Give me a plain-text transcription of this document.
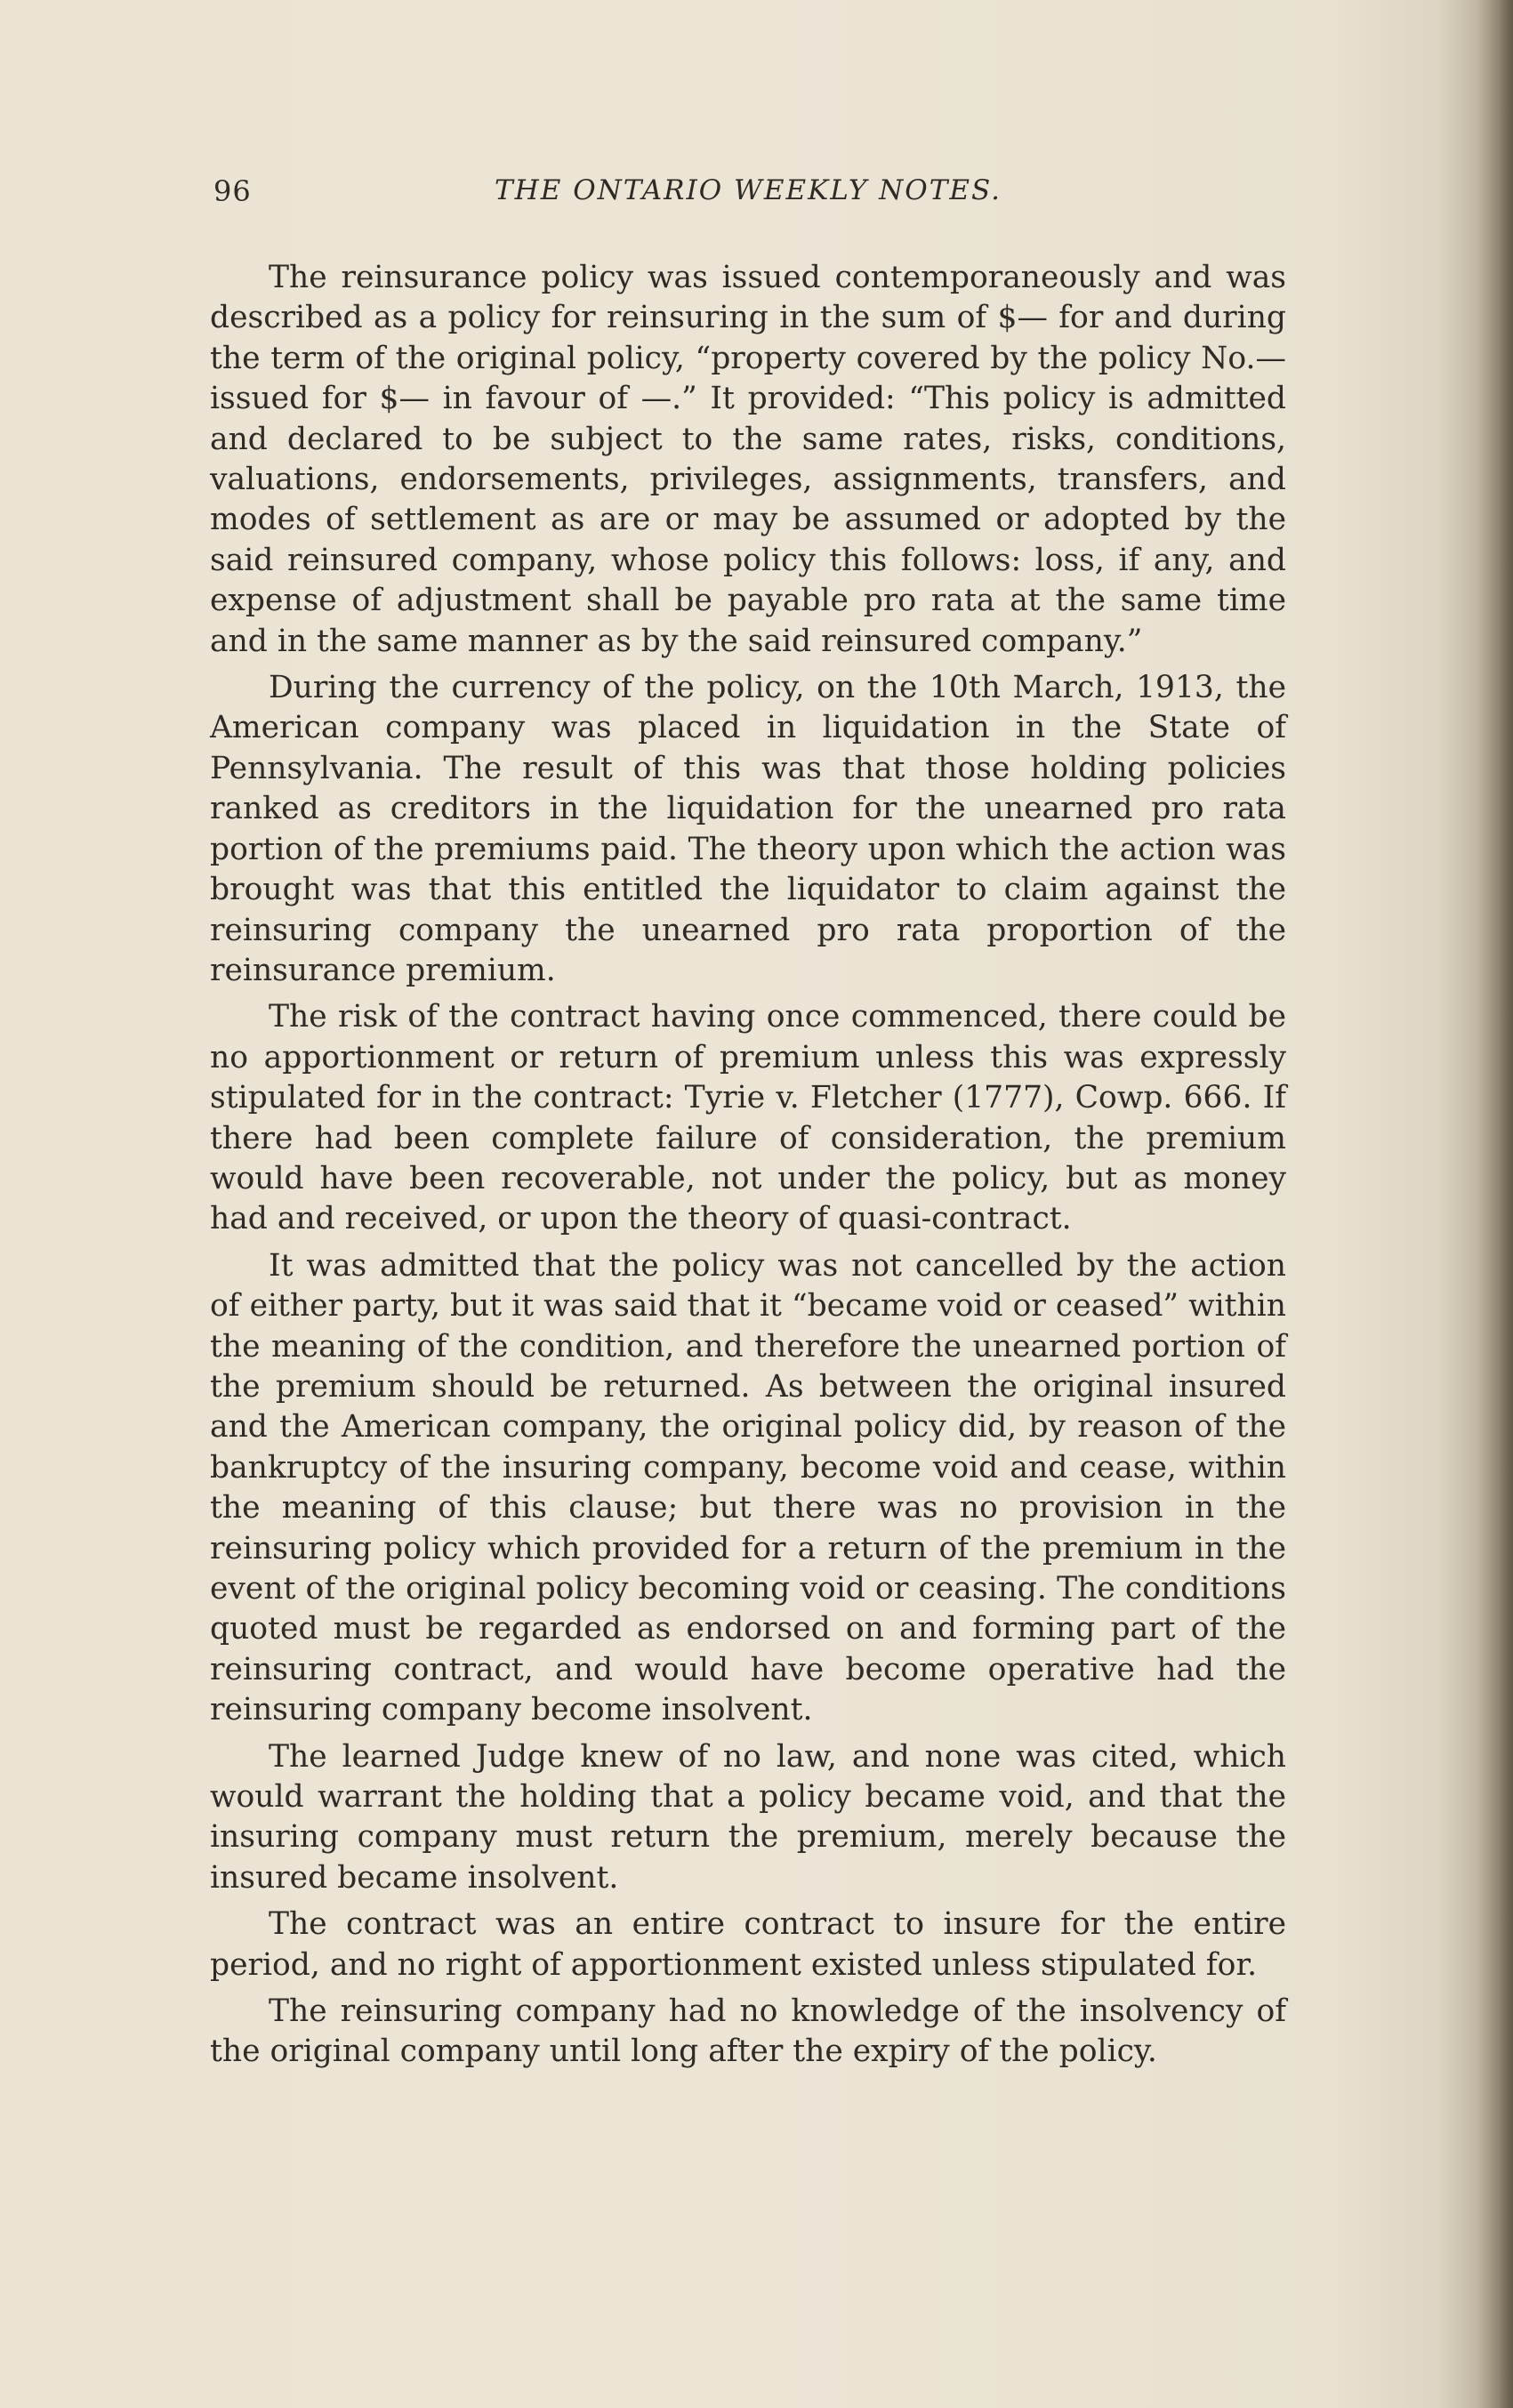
96	THE ONTARIO WEEKLY NOTES.

The reinsurance policy was issued contemporaneously and was described as a policy for reinsuring in the sum of $— for and during the term of the original policy, “property covered by the policy No.— issued for $— in favour of —.” It provided: “This policy is admitted and declared to be subject to the same rates, risks, conditions, valuations, endorsements, privileges, assignments, transfers, and modes of settlement as are or may be assumed or adopted by the said reinsured company, whose policy this follows: loss, if any, and expense of adjustment shall be payable pro rata at the same time and in the same manner as by the said reinsured company.”

During the currency of the policy, on the 10th March, 1913, the American company was placed in liquidation in the State of Pennsylvania. The result of this was that those holding policies ranked as creditors in the liquidation for the unearned pro rata portion of the premiums paid. The theory upon which the action was brought was that this entitled the liquidator to claim against the reinsuring company the unearned pro rata proportion of the reinsurance premium.

The risk of the contract having once commenced, there could be no apportionment or return of premium unless this was expressly stipulated for in the contract: Tyrie v. Fletcher (1777), Cowp. 666. If there had been complete failure of consideration, the premium would have been recoverable, not under the policy, but as money had and received, or upon the theory of quasi-contract.

It was admitted that the policy was not cancelled by the action of either party, but it was said that it “became void or ceased” within the meaning of the condition, and therefore the unearned portion of the premium should be returned. As between the original insured and the American company, the original policy did, by reason of the bankruptcy of the insuring company, become void and cease, within the meaning of this clause; but there was no provision in the reinsuring policy which provided for a return of the premium in the event of the original policy becoming void or ceasing. The conditions quoted must be regarded as endorsed on and forming part of the reinsuring contract, and would have become operative had the reinsuring company become insolvent.

The learned Judge knew of no law, and none was cited, which would warrant the holding that a policy became void, and that the insuring company must return the premium, merely because the insured became insolvent.

The contract was an entire contract to insure for the entire period, and no right of apportionment existed unless stipulated for.

The reinsuring company had no knowledge of the insolvency of the original company until long after the expiry of the policy.
